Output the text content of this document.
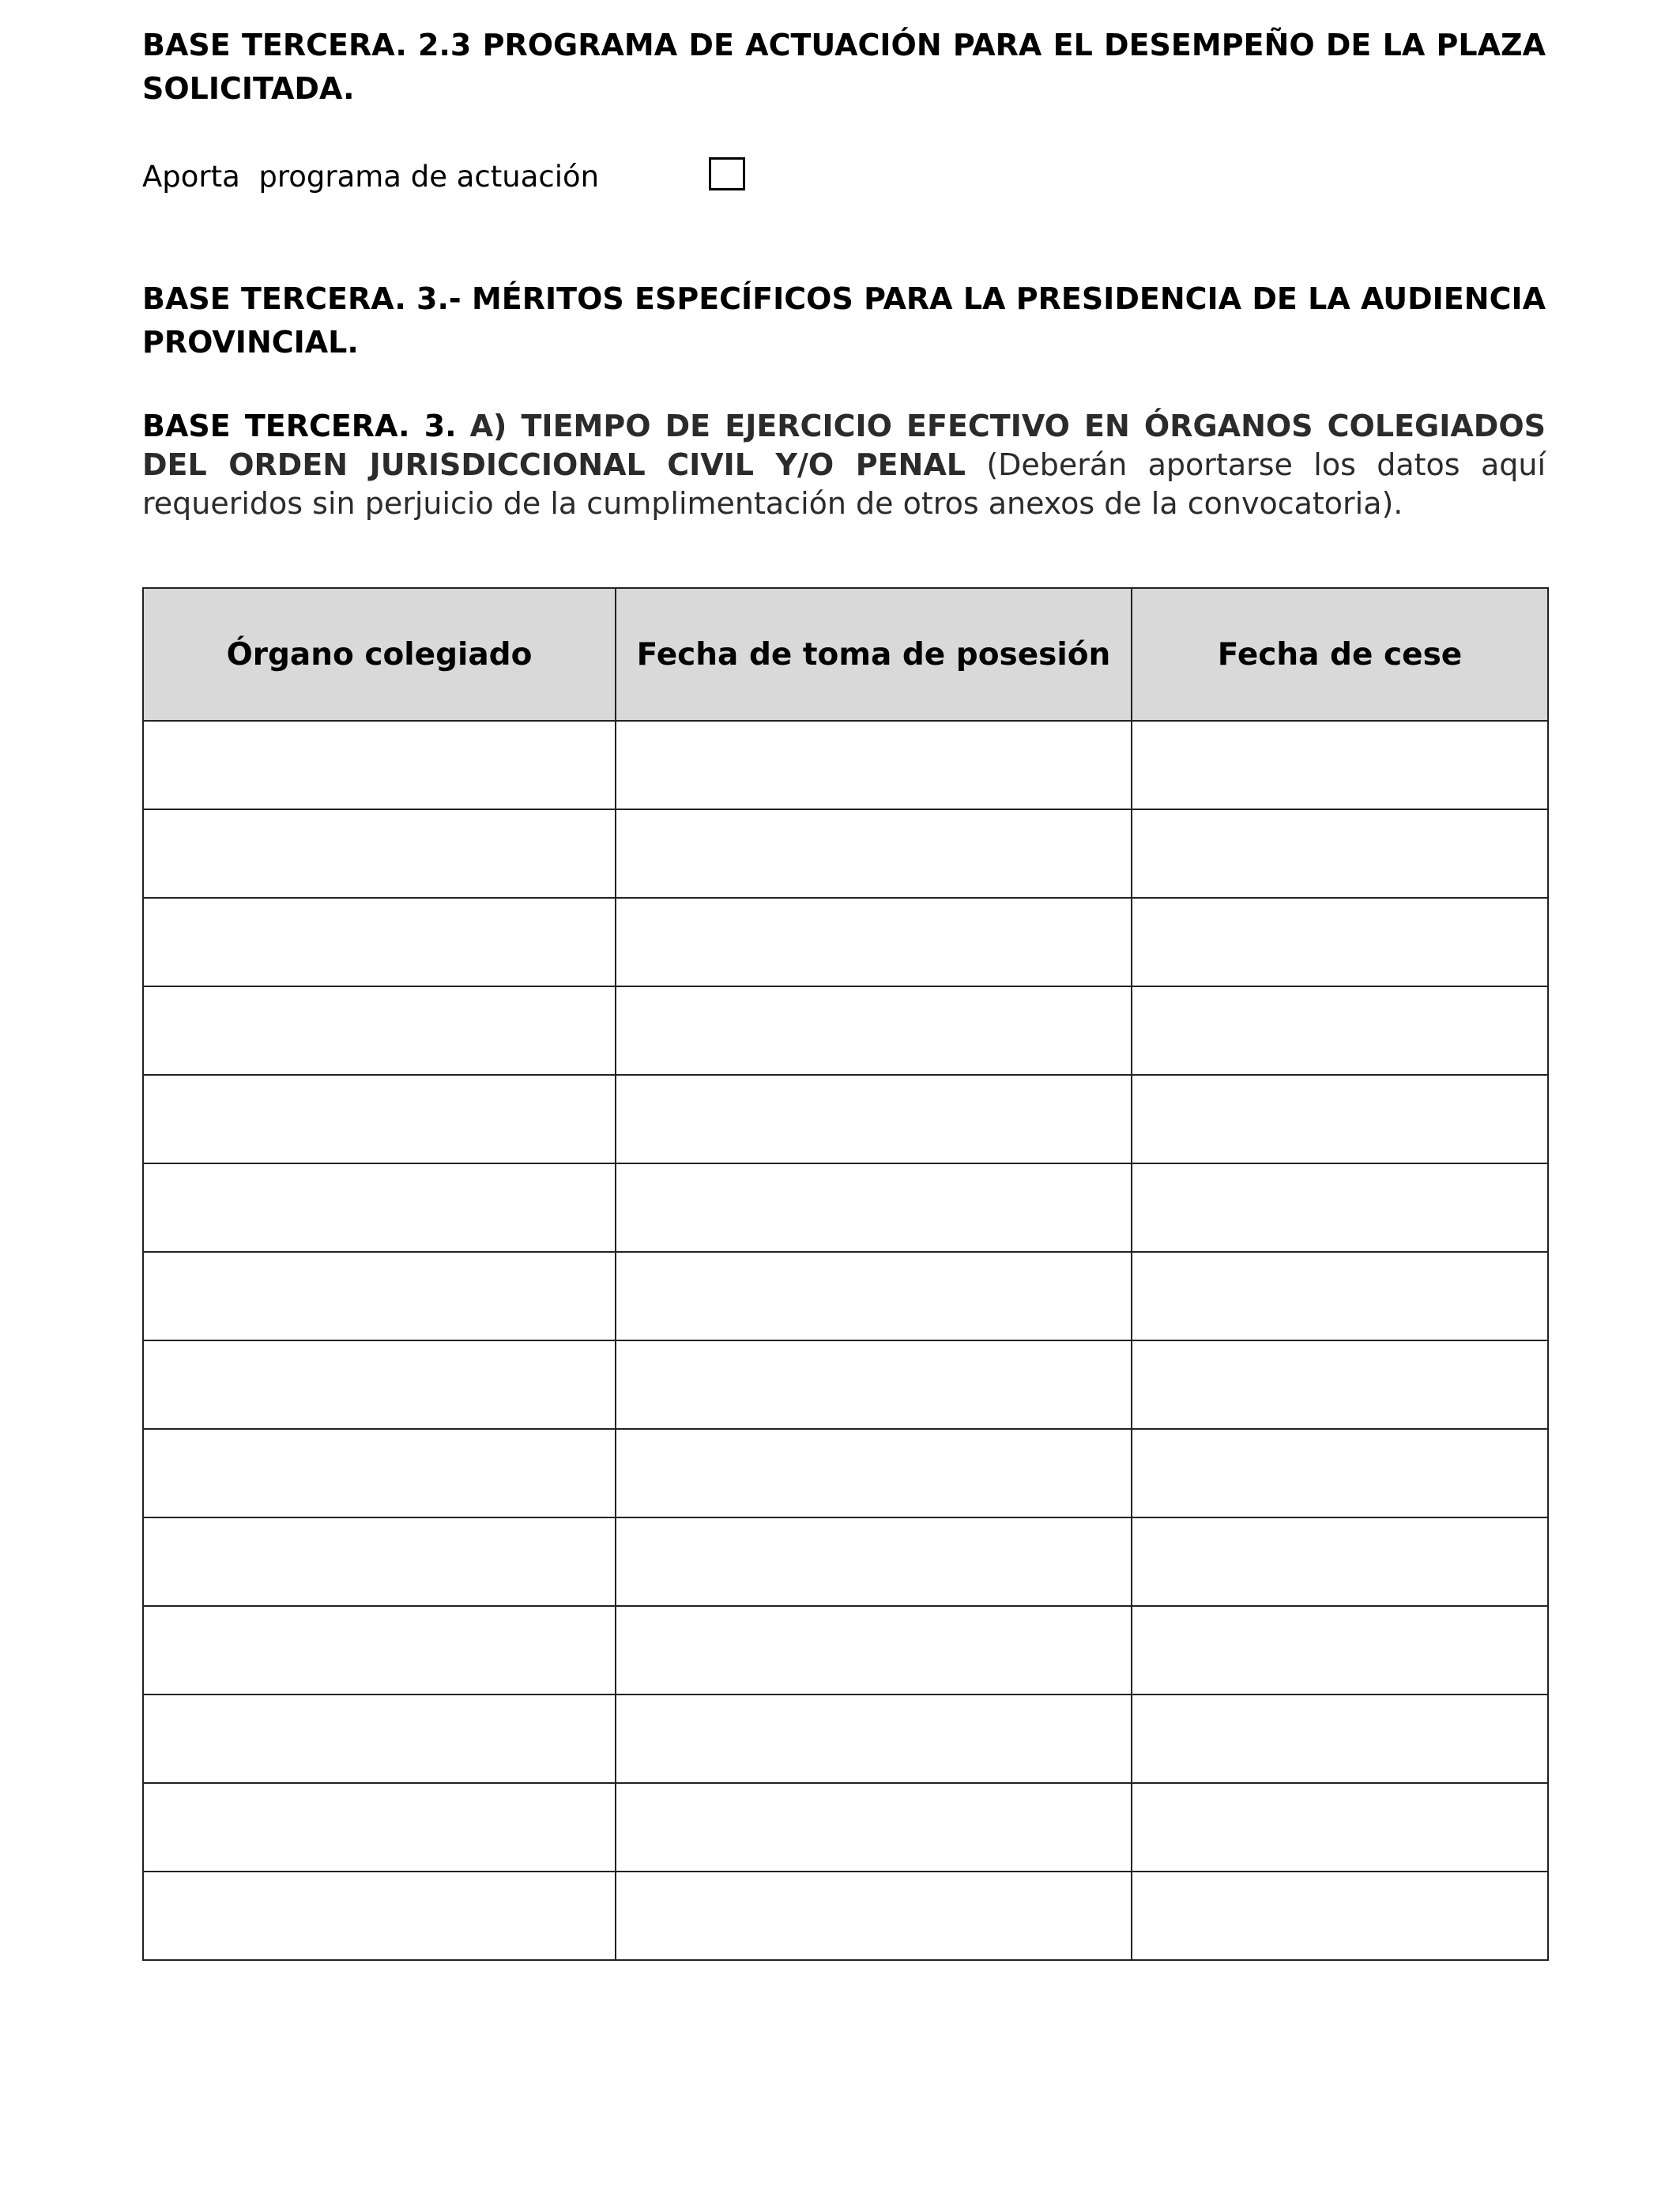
BASE TERCERA. 2.3 PROGRAMA DE ACTUACIÓN PARA EL DESEMPEÑO DE LA PLAZA SOLICITADA.

Aporta  programa de actuación

BASE TERCERA. 3.- MÉRITOS ESPECÍFICOS PARA LA PRESIDENCIA DE LA AUDIENCIA PROVINCIAL.

BASE TERCERA. 3. A) TIEMPO DE EJERCICIO EFECTIVO EN ÓRGANOS COLEGIADOS DEL ORDEN JURISDICCIONAL CIVIL Y/O PENAL (Deberán aportarse los datos aquí requeridos sin perjuicio de la cumplimentación de otros anexos de la convocatoria).

Órgano colegiado	Fecha de toma de posesión	Fecha de cese
